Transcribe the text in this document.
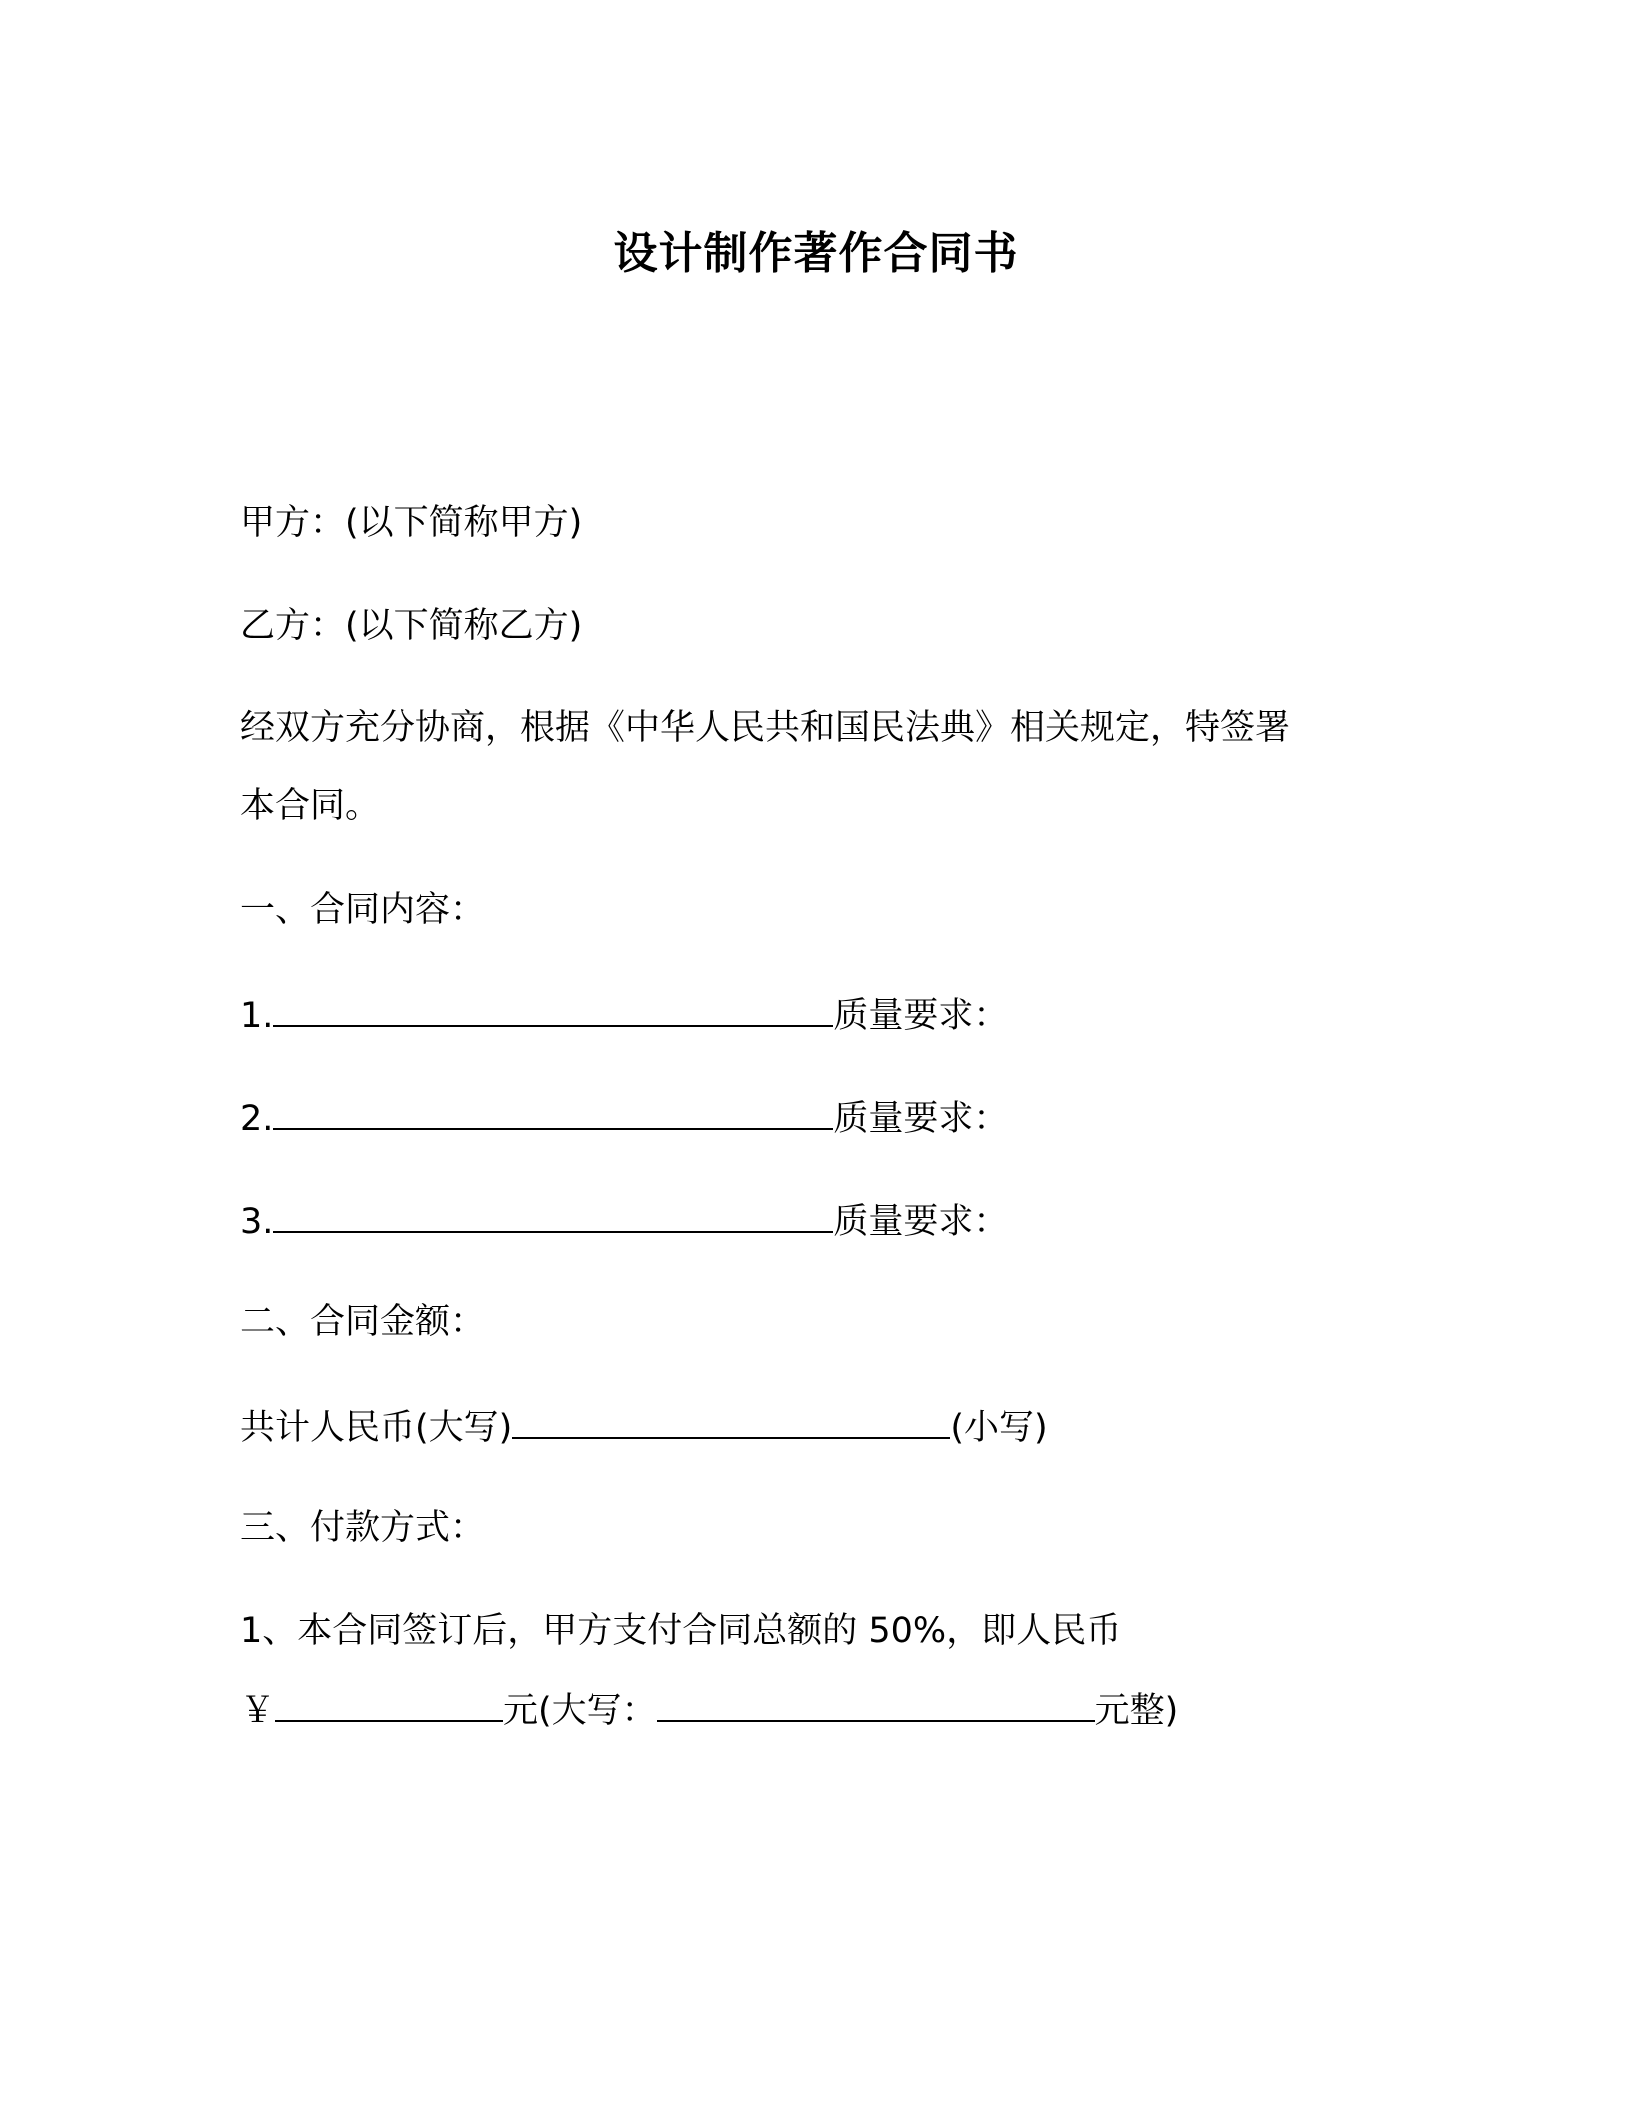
设计制作著作合同书
甲方：(以下简称甲方)
乙方：(以下简称乙方)
经双方充分协商，根据《中华人民共和国民法典》相关规定，特签署
本合同。
一、合同内容：
1.	质量要求：
2.	质量要求：
3.	质量要求：
二、合同金额：
共计人民币(大写)	(小写)
三、付款方式：
1、本合同签订后，甲方支付合同总额的 50%，即人民币
￥	元(大写：	元整)
